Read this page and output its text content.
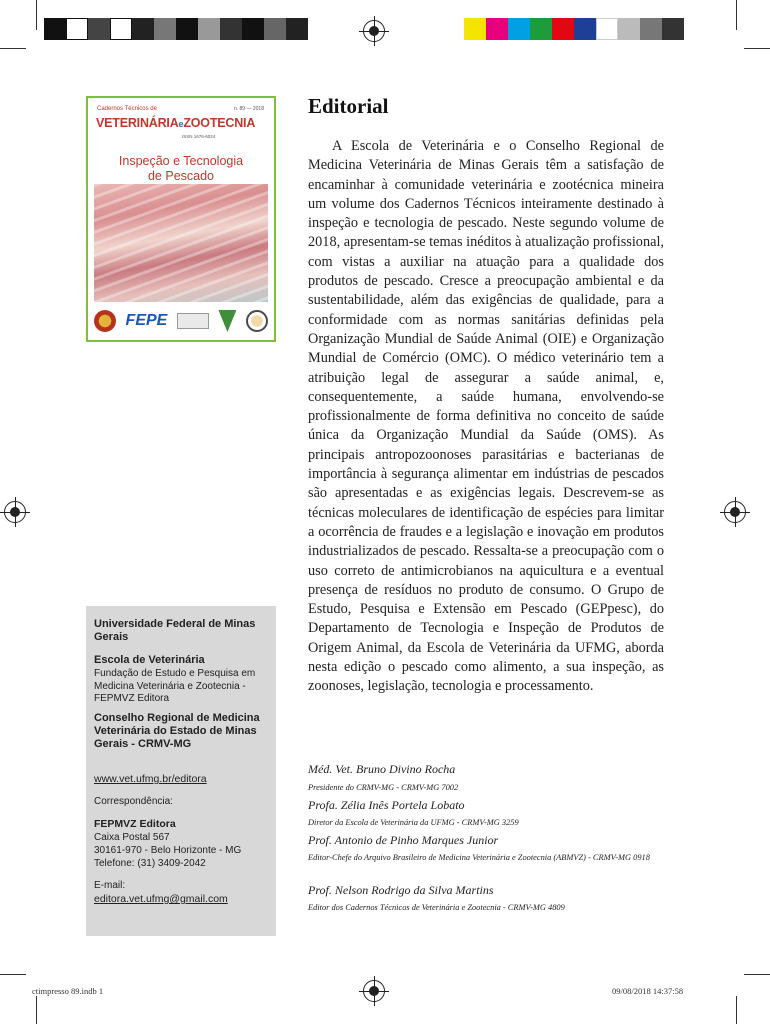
Cadernos Técnicos de	n. 89 — 2018
VETERINÁRIAeZOOTECNIA
ISSN 1676-6024
Inspeção e Tecnologia
de Pescado
FEPE
Universidade Federal de Minas Gerais
Escola de Veterinária
Fundação de Estudo e Pesquisa em Medicina Veterinária e Zootecnia - FEPMVZ Editora
Conselho Regional de Medicina Veterinária do Estado de Minas Gerais - CRMV-MG
www.vet.ufmg.br/editora
Correspondência:
FEPMVZ Editora
Caixa Postal 567
30161-970 - Belo Horizonte - MG
Telefone: (31) 3409-2042
E-mail:
editora.vet.ufmg@gmail.com
Editorial

A Escola de Veterinária e o Conselho Regional de Medicina Veterinária de Minas Gerais têm a satisfação de encaminhar à comunidade veterinária e zootécnica mineira um volume dos Cadernos Técnicos inteiramente destinado à inspeção e tecnologia de pescado. Neste segundo volume de 2018, apresentam-se temas inéditos à atualização profissional, com vistas a auxiliar na atuação para a qualidade dos produtos de pescado. Cresce a preocupação ambiental e da sustentabilidade, além das exigências de qualidade, para a conformidade com as normas sanitárias definidas pela Organização Mundial de Saúde Animal (OIE) e Organização Mundial de Comércio (OMC). O médico veterinário tem a atribuição legal de assegurar a saúde animal, e, consequentemente, a saúde humana, envolvendo-se profissionalmente de forma definitiva no conceito de saúde única da Organização Mundial da Saúde (OMS). As principais antropozoonoses parasitárias e bacterianas de importância à segurança alimentar em indústrias de pescados são apresentadas e as exigências legais. Descrevem-se as técnicas moleculares de identificação de espécies para limitar a ocorrência de fraudes e a legislação e inovação em produtos industrializados de pescado. Ressalta-se a preocupação com o uso correto de antimicrobianos na aquicultura e a eventual presença de resíduos no produto de consumo. O Grupo de Estudo, Pesquisa e Extensão em Pescado (GEPpesc), do Departamento de Tecnologia e Inspeção de Produtos de Origem Animal, da Escola de Veterinária da UFMG, aborda nesta edição o pescado como alimento, a sua inspeção, as zoonoses, legislação, tecnologia e processamento.

Méd. Vet. Bruno Divino Rocha
Presidente do CRMV-MG - CRMV-MG 7002
Profa. Zélia Inês Portela Lobato
Diretor da Escola de Veterinária da UFMG - CRMV-MG 3259
Prof. Antonio de Pinho Marques Junior
Editor-Chefe do Arquivo Brasileiro de Medicina Veterinária e Zootecnia (ABMVZ) - CRMV-MG 0918
Prof. Nelson Rodrigo da Silva Martins
Editor dos Cadernos Técnicos de Veterinária e Zootecnia - CRMV-MG 4809
ctimpresso 89.indb 1	09/08/2018 14:37:58
